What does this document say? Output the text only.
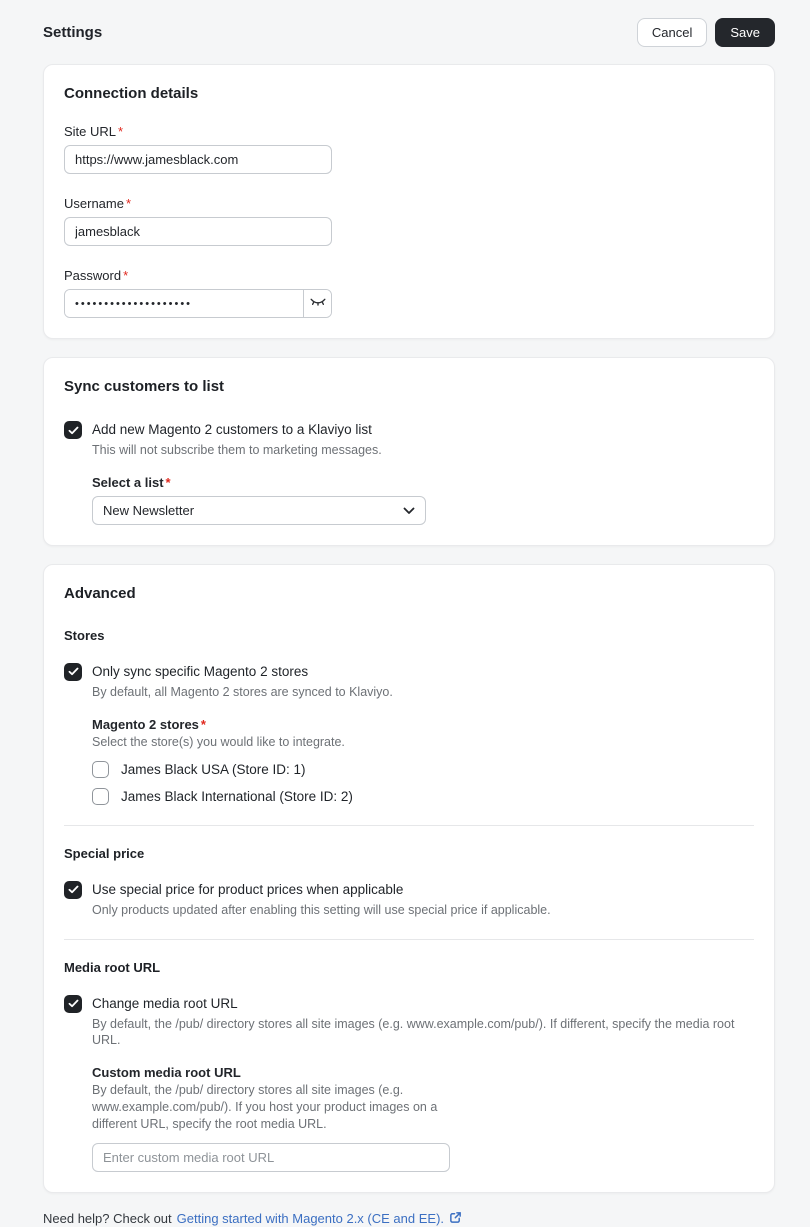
Settings	Cancel	Save
Connection details
Site URL *
https://www.jamesblack.com
Username *
jamesblack
Password *
••••••••••••••••••••
Sync customers to list
Add new Magento 2 customers to a Klaviyo list
This will not subscribe them to marketing messages.
Select a list *
New Newsletter
Advanced
Stores
Only sync specific Magento 2 stores
By default, all Magento 2 stores are synced to Klaviyo.
Magento 2 stores *
Select the store(s) you would like to integrate.
James Black USA (Store ID: 1)
James Black International (Store ID: 2)
Special price
Use special price for product prices when applicable
Only products updated after enabling this setting will use special price if applicable.
Media root URL
Change media root URL
By default, the /pub/ directory stores all site images (e.g. www.example.com/pub/). If different, specify the media root URL.
Custom media root URL
By default, the /pub/ directory stores all site images (e.g. www.example.com/pub/). If you host your product images on a different URL, specify the root media URL.
Enter custom media root URL
Need help? Check out Getting started with Magento 2.x (CE and EE).
